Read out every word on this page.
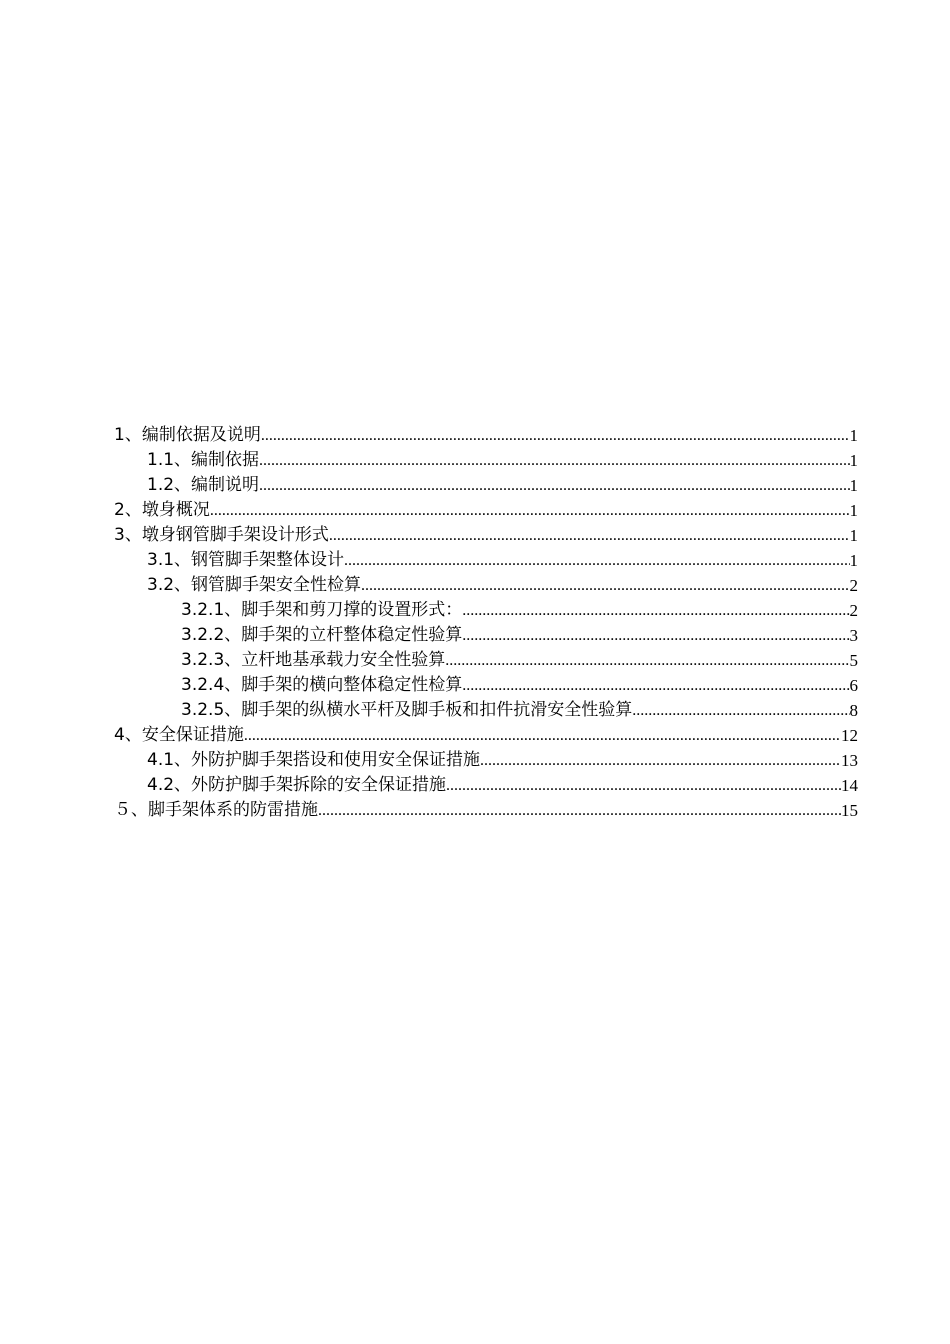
1、编制依据及说明 .....	1
1.1、编制依据 .....	1
1.2、编制说明 .....	1
2、墩身概况 .....	1
3、墩身钢管脚手架设计形式 .....	1
3.1、钢管脚手架整体设计 .....	1
3.2、钢管脚手架安全性检算 .....	2
3.2.1、脚手架和剪刀撑的设置形式： .....	2
3.2.2、脚手架的立杆整体稳定性验算 .....	3
3.2.3、立杆地基承载力安全性验算 .....	5
3.2.4、脚手架的横向整体稳定性检算 .....	6
3.2.5、脚手架的纵横水平杆及脚手板和扣件抗滑安全性验算 .....	8
4、安全保证措施 .....	12
4.1、外防护脚手架搭设和使用安全保证措施 .....	13
4.2、外防护脚手架拆除的安全保证措施 .....	14
５、脚手架体系的防雷措施 .....	15
